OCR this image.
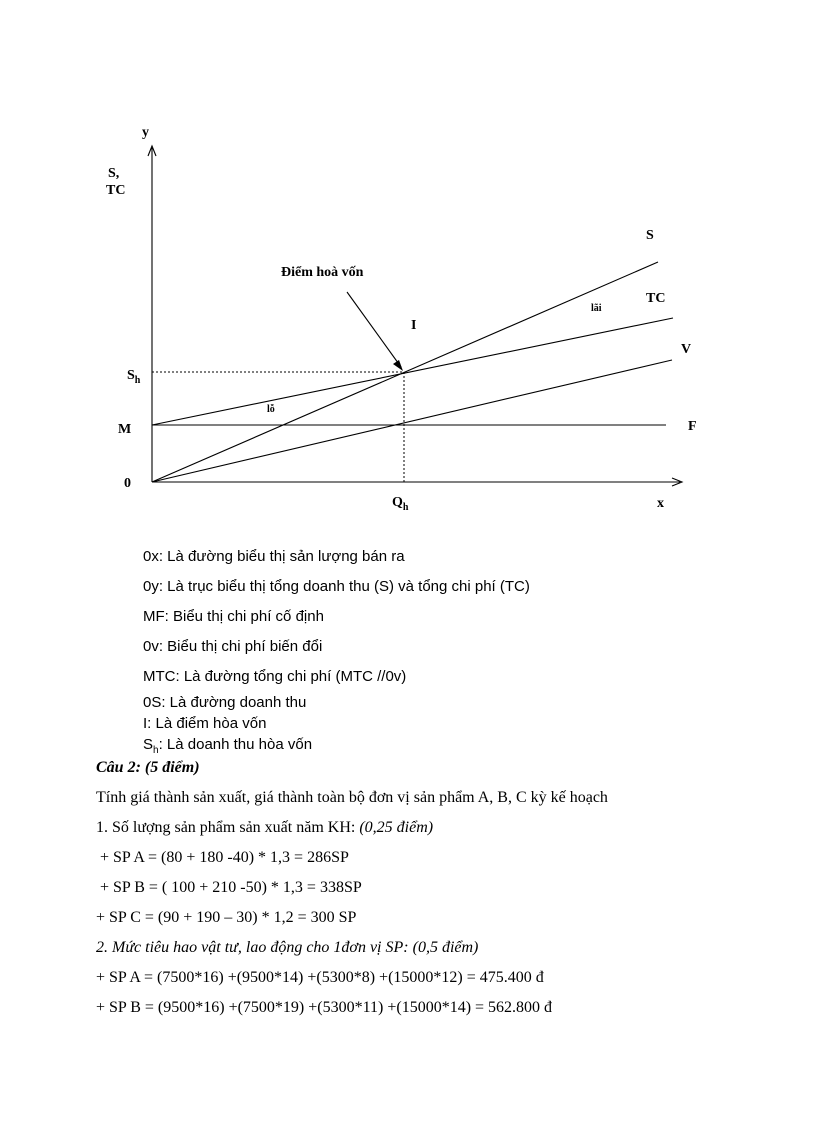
y
S,
TC
x
0
M
$S_h$
$Q_h$
S
TC
V
F
I
Điểm hoà vốn
lãi
lỗ
0x: Là đường biểu thị sản lượng bán ra
0y: Là trục biểu thị tổng doanh thu (S) và tổng chi phí (TC)
MF: Biểu thị chi phí cố định
0v: Biểu thị chi phí biến đổi
MTC: Là đường tổng chi phí (MTC //0v)
0S: Là đường doanh thu
I: Là điểm hòa vốn
$S_h$: Là doanh thu hòa vốn
Câu 2: (5 điểm)
Tính giá thành sản xuất, giá thành toàn bộ đơn vị sản phẩm A, B, C kỳ kế hoạch
1. Số lượng sản phẩm sản xuất năm KH: (0,25 điểm)
+ SP A = (80 + 180 -40) * 1,3 = 286SP
+ SP B = ( 100 + 210 -50) * 1,3 = 338SP
+ SP C = (90 + 190 – 30) * 1,2 = 300 SP
2. Mức tiêu hao vật tư, lao động cho 1đơn vị SP: (0,5 điểm)
+ SP A = (7500*16) +(9500*14) +(5300*8) +(15000*12) = 475.400 đ
+ SP B = (9500*16) +(7500*19) +(5300*11) +(15000*14) = 562.800 đ
